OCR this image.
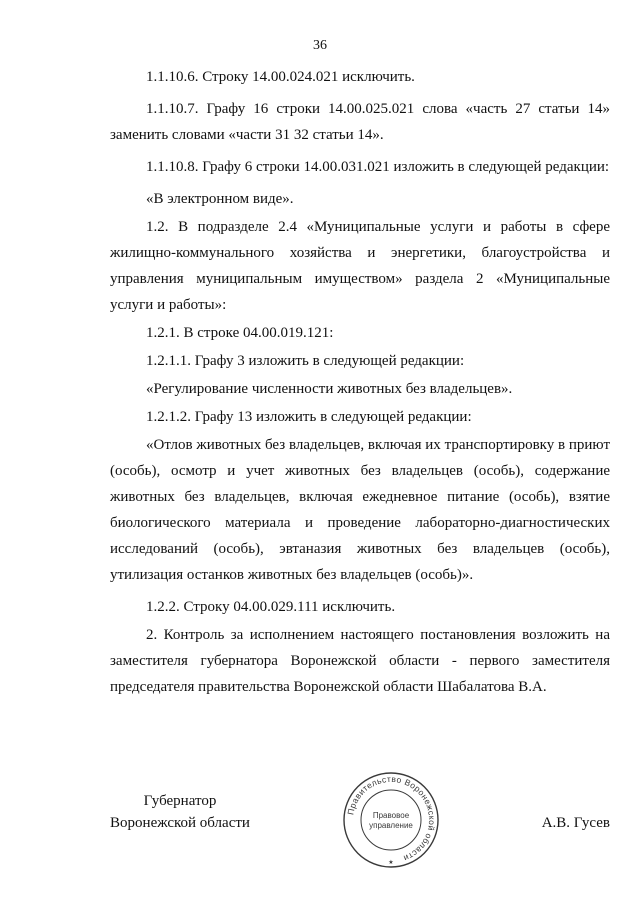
36

1.1.10.6. Строку 14.00.024.021 исключить.

1.1.10.7. Графу 16 строки 14.00.025.021 слова «часть 27 статьи 14» заменить словами «части 31 32 статьи 14».

1.1.10.8. Графу 6 строки 14.00.031.021 изложить в следующей редакции:

«В электронном виде».

1.2. В подразделе 2.4 «Муниципальные услуги и работы в сфере жилищно-коммунального хозяйства и энергетики, благоустройства и управления муниципальным имуществом» раздела 2 «Муниципальные услуги и работы»:

1.2.1. В строке 04.00.019.121:

1.2.1.1. Графу 3 изложить в следующей редакции:

«Регулирование численности животных без владельцев».

1.2.1.2. Графу 13 изложить в следующей редакции:

«Отлов животных без владельцев, включая их транспортировку в приют (особь), осмотр и учет животных без владельцев (особь), содержание животных без владельцев, включая ежедневное питание (особь), взятие биологического материала и проведение лабораторно-диагностических исследований (особь), эвтаназия животных без владельцев (особь), утилизация останков животных без владельцев (особь)».

1.2.2. Строку 04.00.029.111 исключить.

2. Контроль за исполнением настоящего постановления возложить на заместителя губернатора Воронежской области - первого заместителя председателя правительства Воронежской области Шабалатова В.А.

Губернатор
Воронежской области
Правительство Воронежской области
Правовое
управление
★
А.В. Гусев
